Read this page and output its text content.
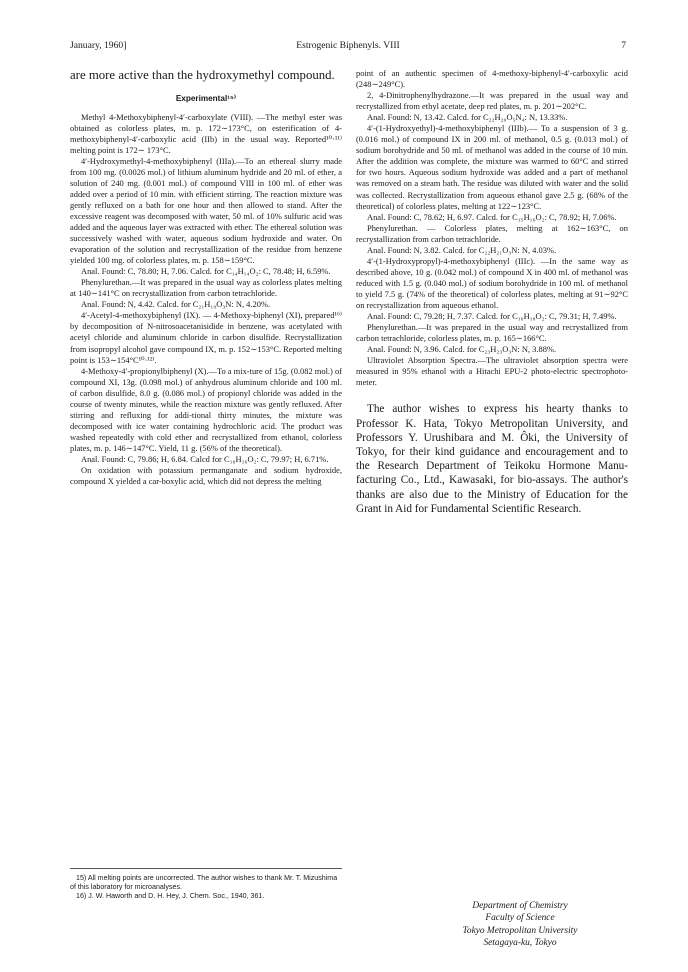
January, 1960]	Estrogenic Biphenyls. VIII	7

are more active than the hydroxymethyl compound.

Experimental¹⁵⁾

Methyl 4-Methoxybiphenyl-4′-carboxylate (VIII). —The methyl ester was obtained as colorless plates, m. p. 172∼173°C, on esterification of 4-methoxybiphenyl-4′-carboxylic acid (IIb) in the usual way. Reported¹⁰·¹¹⁾ melting point is 172∼ 173°C.

4′-Hydroxymethyl-4-methoxybiphenyl (IIIa).—To an ethereal slurry made from 100 mg. (0.0026 mol.) of lithium aluminum hydride and 20 ml. of ether, a solution of 240 mg. (0.001 mol.) of compound VIII in 100 ml. of ether was added over a period of 10 min. with efficient stirring. The reaction mixture was gently refluxed on a bath for one hour and then allowed to stand. After the excessive reagent was decomposed with water, 50 ml. of 10% sulfuric acid was added and the aqueous layer was extracted with ether. The ethereal solution was successively washed with water, aqueous sodium hydroxide and water. On evaporation of the solution and recrystallization of the residue from benzene yielded 100 mg. of colorless plates, m. p. 158∼159°C.

Anal. Found: C, 78.80; H, 7.06. Calcd. for C₁₄H₁₄O₂: C, 78.48; H, 6.59%.

Phenylurethan.—It was prepared in the usual way as colorless plates melting at 140∼141°C on recrystallization from carbon tetrachloride.

Anal. Found: N, 4.42. Calcd. for C₂₁H₁₉O₃N: N, 4.20%.

4′-Acetyl-4-methoxybiphenyl (IX). — 4-Methoxy-biphenyl (XI), prepared¹⁶⁾ by decomposition of N-nitrosoacetanisidide in benzene, was acetylated with acetyl chloride and aluminum chloride in carbon disulfide. Recrystallization from isopropyl alcohol gave compound IX, m. p. 152∼153°C. Reported melting point is 153∼154°C¹⁰·¹²⁾.

4-Methoxy-4′-propionylbiphenyl (X).—To a mix-ture of 15g. (0.082 mol.) of compound XI, 13g. (0.098 mol.) of anhydrous aluminum chloride and 100 ml. of carbon disulfide, 8.0 g. (0.086 mol.) of propionyl chloride was added in the course of twenty minutes, while the reaction mixture was gently refluxed. After stirring and refluxing for addi-tional thirty minutes, the mixture was decomposed with ice water containing hydrochloric acid. The product was washed repeatedly with cold ether and recrystallized from ethanol, colorless plates, m. p. 146∼147°C. Yield, 11 g. (56% of the theoretical).

Anal. Found: C, 79.86; H, 6.84. Calcd for C₁₆H₁₆O₂: C, 79.97; H, 6.71%.

On oxidation with potassium permanganate and sodium hydroxide, compound X yielded a car-boxylic acid, which did not depress the melting

point of an authentic specimen of 4-methoxy-biphenyl-4′-carboxylic acid (248∼249°C).

2, 4-Dinitrophenylhydrazone.—It was prepared in the usual way and recrystallized from ethyl acetate, deep red plates, m. p. 201∼202°C.

Anal. Found: N, 13.42. Calcd. for C₂₂H₂₀O₅N₄: N, 13.33%.

4′-(1-Hydroxyethyl)-4-methoxybiphenyl (IIIb).— To a suspension of 3 g. (0.016 mol.) of compound IX in 200 ml. of methanol, 0.5 g. (0.013 mol.) of sodium borohydride and 50 ml. of methanol was added in the course of 10 min. After the addition was complete, the mixture was warmed to 60°C and stirred for two hours. Aqueous sodium hydroxide was added and a part of methanol was removed on a steam bath. The residue was diluted with water and the solid was collected. Recrystallization from aqueous ethanol gave 2.5 g. (68% of the theoretical) of colorless plates, melting at 122∼123°C.

Anal. Found: C, 78.62; H, 6.97. Calcd. for C₁₅H₁₆O₂: C, 78.92; H, 7.06%.

Phenylurethan. — Colorless plates, melting at 162∼163°C, on recrystallization from carbon tetrachloride.

Anal. Found: N, 3.82. Calcd. for C₂₂H₂₁O₃N: N, 4.03%.

4′-(1-Hydroxypropyl)-4-methoxybiphenyl (IIIc). —In the same way as described above, 10 g. (0.042 mol.) of compound X in 400 ml. of methanol was reduced with 1.5 g. (0.040 mol.) of sodium borohydride in 100 ml. of methanol to yield 7.5 g. (74% of the theoretical) of colorless plates, melting at 91∼92°C on recrystallization from aqueous ethanol.

Anal. Found: C, 79.28; H, 7.37. Calcd. for C₁₆H₁₈O₂: C, 79.31; H, 7.49%.

Phenylurethan.—It was prepared in the usual way and recrystallized from carbon tetrachloride, colorless plates, m. p. 165∼166°C.

Anal. Found: N, 3.96. Calcd. for C₂₃H₂₃O₃N: N, 3.88%.

Ultraviolet Absorption Spectra.—The ultraviolet absorption spectra were measured in 95% ethanol with a Hitachi EPU-2 photo-electric spectrophoto-meter.

The author wishes to express his hearty thanks to Professor K. Hata, Tokyo Metropolitan University, and Professors Y. Urushibara and M. Ôki, the University of Tokyo, for their kind guidance and encouragement and to the Research Department of Teikoku Hormone Manu-facturing Co., Ltd., Kawasaki, for bio-assays. The author's thanks are also due to the Ministry of Education for the Grant in Aid for Fundamental Scientific Research.

15) All melting points are uncorrected. The author wishes to thank Mr. T. Mizushima of this laboratory for microanalyses.

16) J. W. Haworth and D. H. Hey, J. Chem. Soc., 1940, 361.

Department of Chemistry
Faculty of Science
Tokyo Metropolitan University
Setagaya-ku, Tokyo
